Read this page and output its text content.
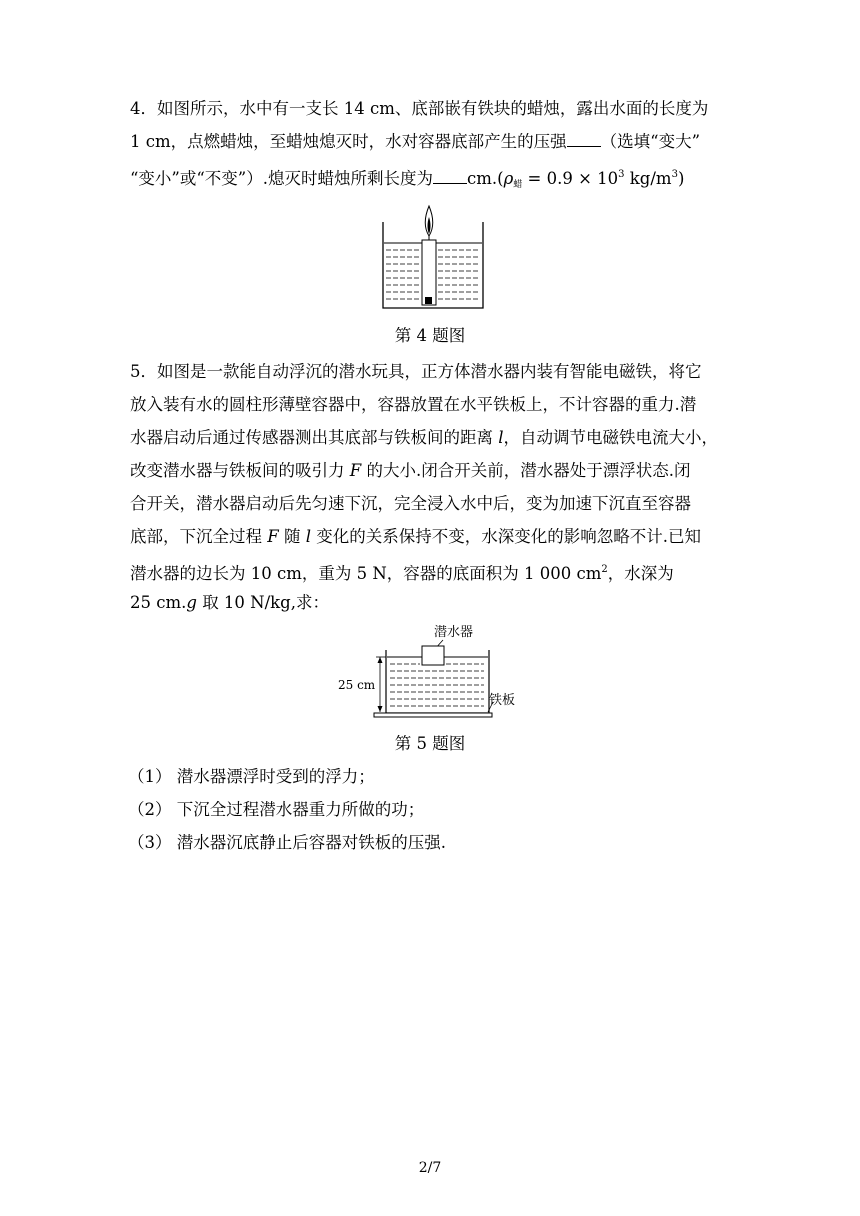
4．如图所示，水中有一支长 14 cm、底部嵌有铁块的蜡烛，露出水面的长度为
1 cm，点燃蜡烛，至蜡烛熄灭时，水对容器底部产生的压强 （选填“变大”
“变小”或“不变”）.熄灭时蜡烛所剩长度为 $cm.(\rho_蜡 = 0.9 \times 10^3$ $kg/m^3$)
第 4 题图
5．如图是一款能自动浮沉的潜水玩具，正方体潜水器内装有智能电磁铁，将它
放入装有水的圆柱形薄壁容器中，容器放置在水平铁板上，不计容器的重力.潜
水器启动后通过传感器测出其底部与铁板间的距离 l，自动调节电磁铁电流大小，
改变潜水器与铁板间的吸引力 F 的大小.闭合开关前，潜水器处于漂浮状态.闭
合开关，潜水器启动后先匀速下沉，完全浸入水中后，变为加速下沉直至容器
底部，下沉全过程 F 随 l 变化的关系保持不变，水深变化的影响忽略不计.已知
潜水器的边长为 10 cm，重为 5 N，容器的底面积为 1 000 $cm^2$，水深为
25 cm.g 取 10 N/kg,求：
潜水器
铁板
25 cm
第 5 题图
（1） 潜水器漂浮时受到的浮力；
（2） 下沉全过程潜水器重力所做的功；
（3） 潜水器沉底静止后容器对铁板的压强.
2/7
